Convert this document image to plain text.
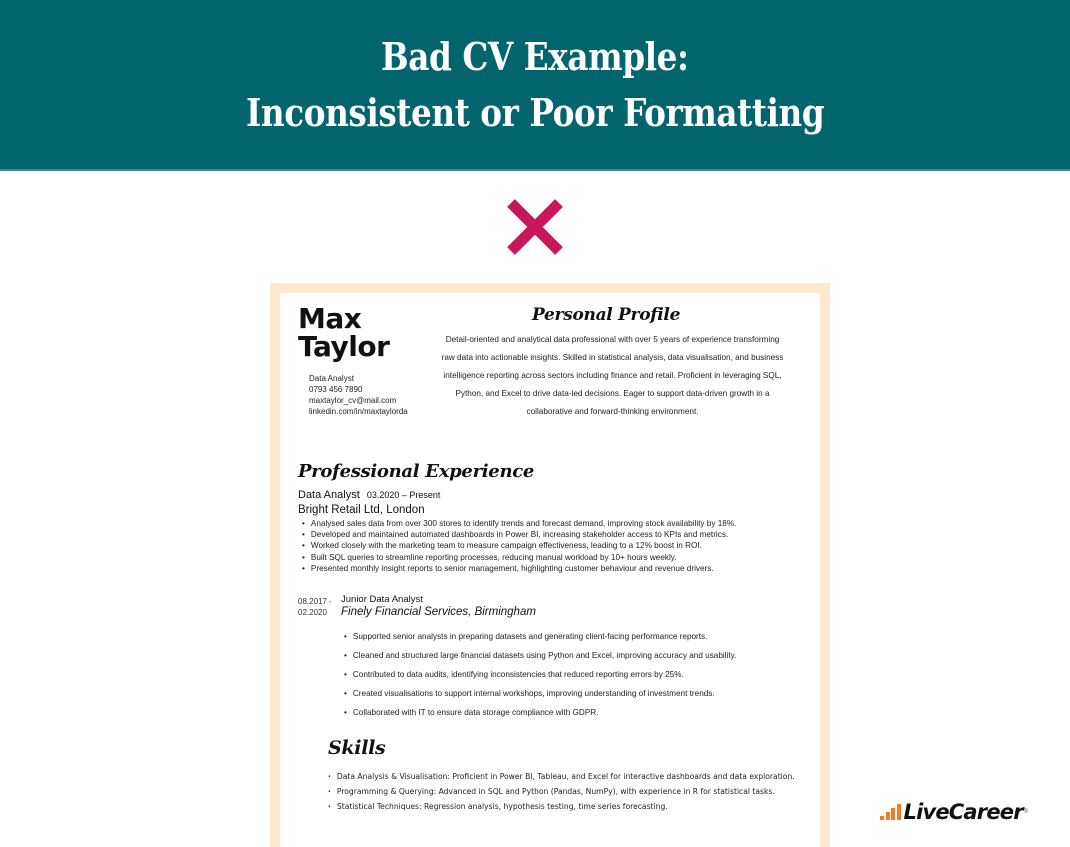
Bad CV Example:
Inconsistent or Poor Formatting
Max
Taylor
Data Analyst
0793 456 7890
maxtaylor_cv@mail.com
linkedin.com/in/maxtaylorda
Personal Profile
Detail-oriented and analytical data professional with over 5 years of experience transforming raw data into actionable insights. Skilled in statistical analysis, data visualisation, and business intelligence reporting across sectors including finance and retail. Proficient in leveraging SQL, Python, and Excel to drive data-led decisions. Eager to support data-driven growth in a collaborative and forward-thinking environment.
Professional Experience
Data Analyst 03.2020 – Present
Bright Retail Ltd, London
• Analysed sales data from over 300 stores to identify trends and forecast demand, improving stock availability by 18%.
• Developed and maintained automated dashboards in Power BI, increasing stakeholder access to KPIs and metrics.
• Worked closely with the marketing team to measure campaign effectiveness, leading to a 12% boost in ROI.
• Built SQL queries to streamline reporting processes, reducing manual workload by 10+ hours weekly.
• Presented monthly insight reports to senior management, highlighting customer behaviour and revenue drivers.
08.2017 -
02.2020
Junior Data Analyst
Finely Financial Services, Birmingham
• Supported senior analysts in preparing datasets and generating client-facing performance reports.
• Cleaned and structured large financial datasets using Python and Excel, improving accuracy and usability.
• Contributed to data audits, identifying inconsistencies that reduced reporting errors by 25%.
• Created visualisations to support internal workshops, improving understanding of investment trends.
• Collaborated with IT to ensure data storage compliance with GDPR.
Skills
· Data Analysis & Visualisation: Proficient in Power BI, Tableau, and Excel for interactive dashboards and data exploration.
· Programming & Querying: Advanced in SQL and Python (Pandas, NumPy), with experience in R for statistical tasks.
· Statistical Techniques: Regression analysis, hypothesis testing, time series forecasting.	LiveCareer ®
